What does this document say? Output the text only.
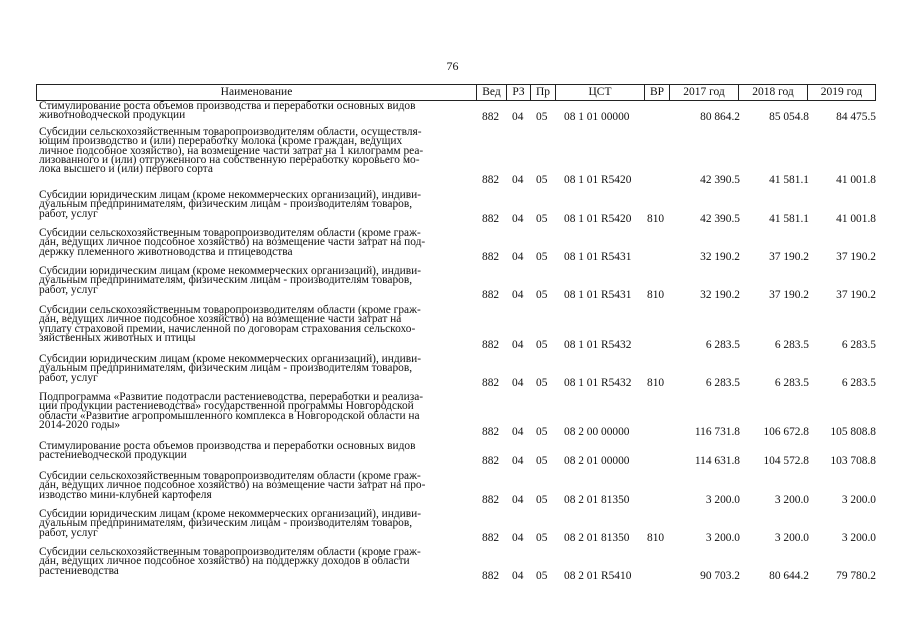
76
Наименование	Вед	РЗ Пр	ЦСТ	ВР	2017 год	2018 год	2019 год
Стимулирование роста объемов производства и переработки основных видов
животноводческой продукции	882	04	05	08 1 01 00000	80 864.2	85 054.8	84 475.5
Субсидии сельскохозяйственным товаропроизводителям области, осуществля-
ющим производство и (или) переработку молока (кроме граждан, ведущих
личное подсобное хозяйство), на возмещение части затрат на 1 килограмм реа-
лизованного и (или) отгруженного на собственную переработку коровьего мо-
лока высшего и (или) первого сорта
882	04	05	08 1 01 R5420	42 390.5	41 581.1	41 001.8
Субсидии юридическим лицам (кроме некоммерческих организаций), индиви-
дуальным предпринимателям, физическим лицам - производителям товаров,
работ, услуг	882	04	05	08 1 01 R5420	810	42 390.5	41 581.1	41 001.8
Субсидии сельскохозяйственным товаропроизводителям области (кроме граж-
дан, ведущих личное подсобное хозяйство) на возмещение части затрат на под-
держку племенного животноводства и птицеводства	882	04	05	08 1 01 R5431	32 190.2	37 190.2	37 190.2
Субсидии юридическим лицам (кроме некоммерческих организаций), индиви-
дуальным предпринимателям, физическим лицам - производителям товаров,
работ, услуг	882	04	05	08 1 01 R5431	810	32 190.2	37 190.2	37 190.2
Субсидии сельскохозяйственным товаропроизводителям области (кроме граж-
дан, ведущих личное подсобное хозяйство) на возмещение части затрат на
уплату страховой премии, начисленной по договорам страхования сельскохо-
зяйственных животных и птицы
882	04	05	08 1 01 R5432	6 283.5	6 283.5	6 283.5
Субсидии юридическим лицам (кроме некоммерческих организаций), индиви-
дуальным предпринимателям, физическим лицам - производителям товаров,
работ, услуг	882	04	05	08 1 01 R5432	810	6 283.5	6 283.5	6 283.5
Подпрограмма «Развитие подотрасли растениеводства, переработки и реализа-
ции продукции растениеводства» государственной программы Новгородской
области «Развитие агропромышленного комплекса в Новгородской области на
2014-2020 годы»
882	04	05	08 2 00 00000	116 731.8	106 672.8	105 808.8
Стимулирование роста объемов производства и переработки основных видов
растениеводческой продукции	882	04	05	08 2 01 00000	114 631.8	104 572.8	103 708.8
Субсидии сельскохозяйственным товаропроизводителям области (кроме граж-
дан, ведущих личное подсобное хозяйство) на возмещение части затрат на про-
изводство мини-клубней картофеля	882	04	05	08 2 01 81350	3 200.0	3 200.0	3 200.0
Субсидии юридическим лицам (кроме некоммерческих организаций), индиви-
дуальным предпринимателям, физическим лицам - производителям товаров,
работ, услуг	882	04	05	08 2 01 81350	810	3 200.0	3 200.0	3 200.0
Субсидии сельскохозяйственным товаропроизводителям области (кроме граж-
дан, ведущих личное подсобное хозяйство) на поддержку доходов в области
растениеводства	882	04	05	08 2 01 R5410	90 703.2	80 644.2	79 780.2
